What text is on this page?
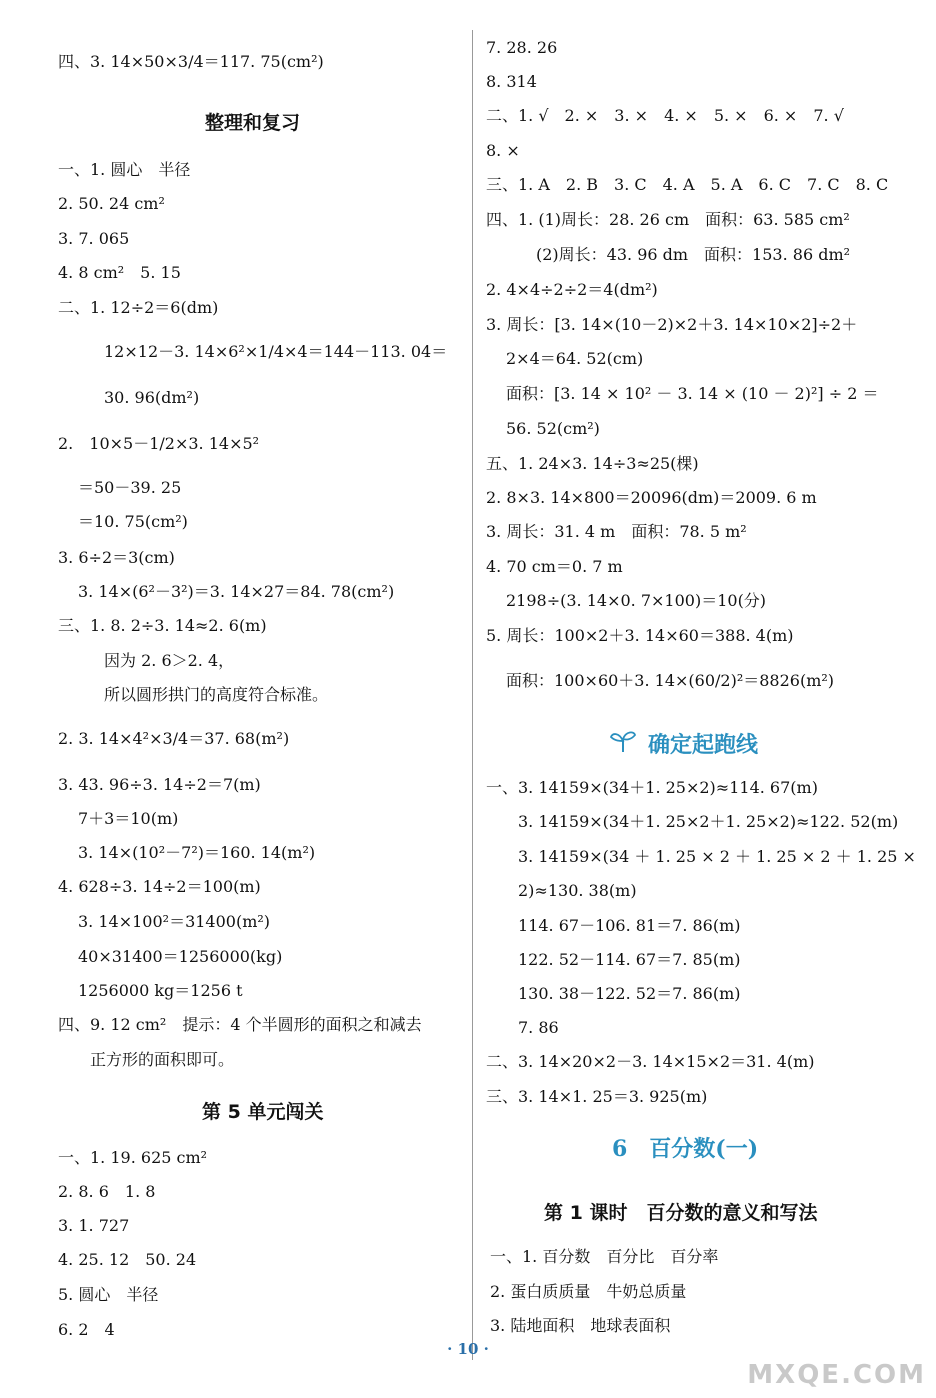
四、3. 14×50×3/4＝117. 75(cm²)
整理和复习
一、1. 圆心　半径
2. 50. 24 cm²
3. 7. 065
4. 8 cm²　5. 15
二、1. 12÷2＝6(dm)
12×12－3. 14×6²×1/4×4＝144－113. 04＝
30. 96(dm²)
2.　10×5－1/2×3. 14×5²
＝50－39. 25
＝10. 75(cm²)
3. 6÷2＝3(cm)
3. 14×(6²－3²)＝3. 14×27＝84. 78(cm²)
三、1. 8. 2÷3. 14≈2. 6(m)
因为 2. 6＞2. 4，
所以圆形拱门的高度符合标准。
2. 3. 14×4²×3/4＝37. 68(m²)
3. 43. 96÷3. 14÷2＝7(m)
7＋3＝10(m)
3. 14×(10²－7²)＝160. 14(m²)
4. 628÷3. 14÷2＝100(m)
3. 14×100²＝31400(m²)
40×31400＝1256000(kg)
1256000 kg＝1256 t
四、9. 12 cm²　提示：4 个半圆形的面积之和减去
正方形的面积即可。
第 5 单元闯关
一、1. 19. 625 cm²
2. 8. 6　1. 8
3. 1. 727
4. 25. 12　50. 24
5. 圆心　半径
6. 2　4
7. 28. 26
8. 314
二、1. √　2. ×　3. ×　4. ×　5. ×　6. ×　7. √
8. ×
三、1. A　2. B　3. C　4. A　5. A　6. C　7. C　8. C
四、1. (1)周长：28. 26 cm　面积：63. 585 cm²
(2)周长：43. 96 dm　面积：153. 86 dm²
2. 4×4÷2÷2＝4(dm²)
3. 周长：[3. 14×(10－2)×2＋3. 14×10×2]÷2＋
2×4＝64. 52(cm)
面积：[3. 14 × 10² － 3. 14 × (10 － 2)²] ÷ 2 ＝
56. 52(cm²)
五、1. 24×3. 14÷3≈25(棵)
2. 8×3. 14×800＝20096(dm)＝2009. 6 m
3. 周长：31. 4 m　面积：78. 5 m²
4. 70 cm＝0. 7 m
2198÷(3. 14×0. 7×100)＝10(分)
5. 周长：100×2＋3. 14×60＝388. 4(m)
面积：100×60＋3. 14×(60/2)²＝8826(m²)
确定起跑线
一、3. 14159×(34＋1. 25×2)≈114. 67(m)
3. 14159×(34＋1. 25×2＋1. 25×2)≈122. 52(m)
3. 14159×(34 ＋ 1. 25 × 2 ＋ 1. 25 × 2 ＋ 1. 25 ×
2)≈130. 38(m)
114. 67－106. 81＝7. 86(m)
122. 52－114. 67＝7. 85(m)
130. 38－122. 52＝7. 86(m)
7. 86
二、3. 14×20×2－3. 14×15×2＝31. 4(m)
三、3. 14×1. 25＝3. 925(m)
6　百分数(一)
第 1 课时　百分数的意义和写法
一、1. 百分数　百分比　百分率
2. 蛋白质质量　牛奶总质量
3. 陆地面积　地球表面积
· 10 ·
MXQE.COM
